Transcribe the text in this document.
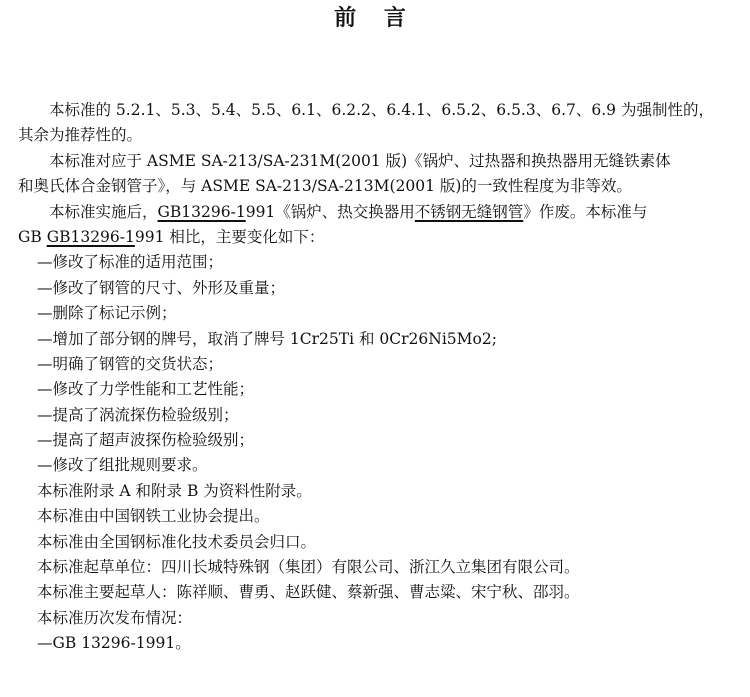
前 言
本标准的 5.2.1、5.3、5.4、5.5、6.1、6.2.2、6.4.1、6.5.2、6.5.3、6.7、6.9 为强制性的，
其余为推荐性的。
本标准对应于 ASME SA-213/SA-231M(2001 版)《锅炉、过热器和换热器用无缝铁素体
和奥氏体合金钢管子》，与 ASME SA-213/SA-213M(2001 版)的一致性程度为非等效。
本标准实施后，GB13296-1991《锅炉、热交换器用不锈钢无缝钢管》作废。本标准与
GB GB13296-1991 相比，主要变化如下：
—修改了标准的适用范围；
—修改了钢管的尺寸、外形及重量；
—删除了标记示例；
—增加了部分钢的牌号，取消了牌号 1Cr25Ti 和 0Cr26Ni5Mo2;
—明确了钢管的交货状态；
—修改了力学性能和工艺性能；
—提高了涡流探伤检验级别；
—提高了超声波探伤检验级别；
—修改了组批规则要求。
本标准附录 A 和附录 B 为资料性附录。
本标准由中国钢铁工业协会提出。
本标准由全国钢标准化技术委员会归口。
本标准起草单位：四川长城特殊钢（集团）有限公司、浙江久立集团有限公司。
本标准主要起草人：陈祥顺、曹勇、赵跃健、蔡新强、曹志粱、宋宁秋、邵羽。
本标准历次发布情况：
—GB 13296-1991。
